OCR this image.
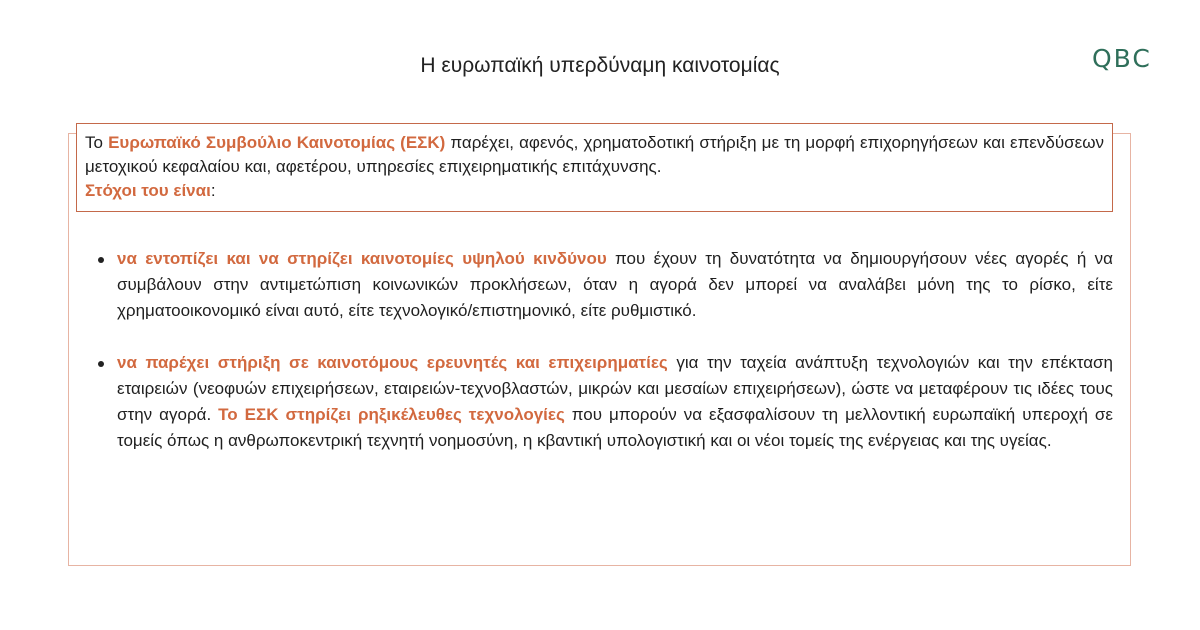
Η ευρωπαϊκή υπερδύναμη καινοτομίας	QBC
Το Ευρωπαϊκό Συμβούλιο Καινοτομίας (ΕΣΚ) παρέχει, αφενός, χρηματοδοτική στήριξη με τη μορφή επιχορηγήσεων και επενδύσεων μετοχικού κεφαλαίου και, αφετέρου, υπηρεσίες επιχειρηματικής επιτάχυνσης.
Στόχοι του είναι:
να εντοπίζει και να στηρίζει καινοτομίες υψηλού κινδύνου που έχουν τη δυνατότητα να δημιουργήσουν νέες αγορές ή να συμβάλουν στην αντιμετώπιση κοινωνικών προκλήσεων, όταν η αγορά δεν μπορεί να αναλάβει μόνη της το ρίσκο, είτε χρηματοοικονομικό είναι αυτό, είτε τεχνολογικό/επιστημονικό, είτε ρυθμιστικό.
να παρέχει στήριξη σε καινοτόμους ερευνητές και επιχειρηματίες για την ταχεία ανάπτυξη τεχνολογιών και την επέκταση εταιρειών (νεοφυών επιχειρήσεων, εταιρειών-τεχνοβλαστών, μικρών και μεσαίων επιχειρήσεων), ώστε να μεταφέρουν τις ιδέες τους στην αγορά. Το ΕΣΚ στηρίζει ρηξικέλευθες τεχνολογίες που μπορούν να εξασφαλίσουν τη μελλοντική ευρωπαϊκή υπεροχή σε τομείς όπως η ανθρωποκεντρική τεχνητή νοημοσύνη, η κβαντική υπολογιστική και οι νέοι τομείς της ενέργειας και της υγείας.
